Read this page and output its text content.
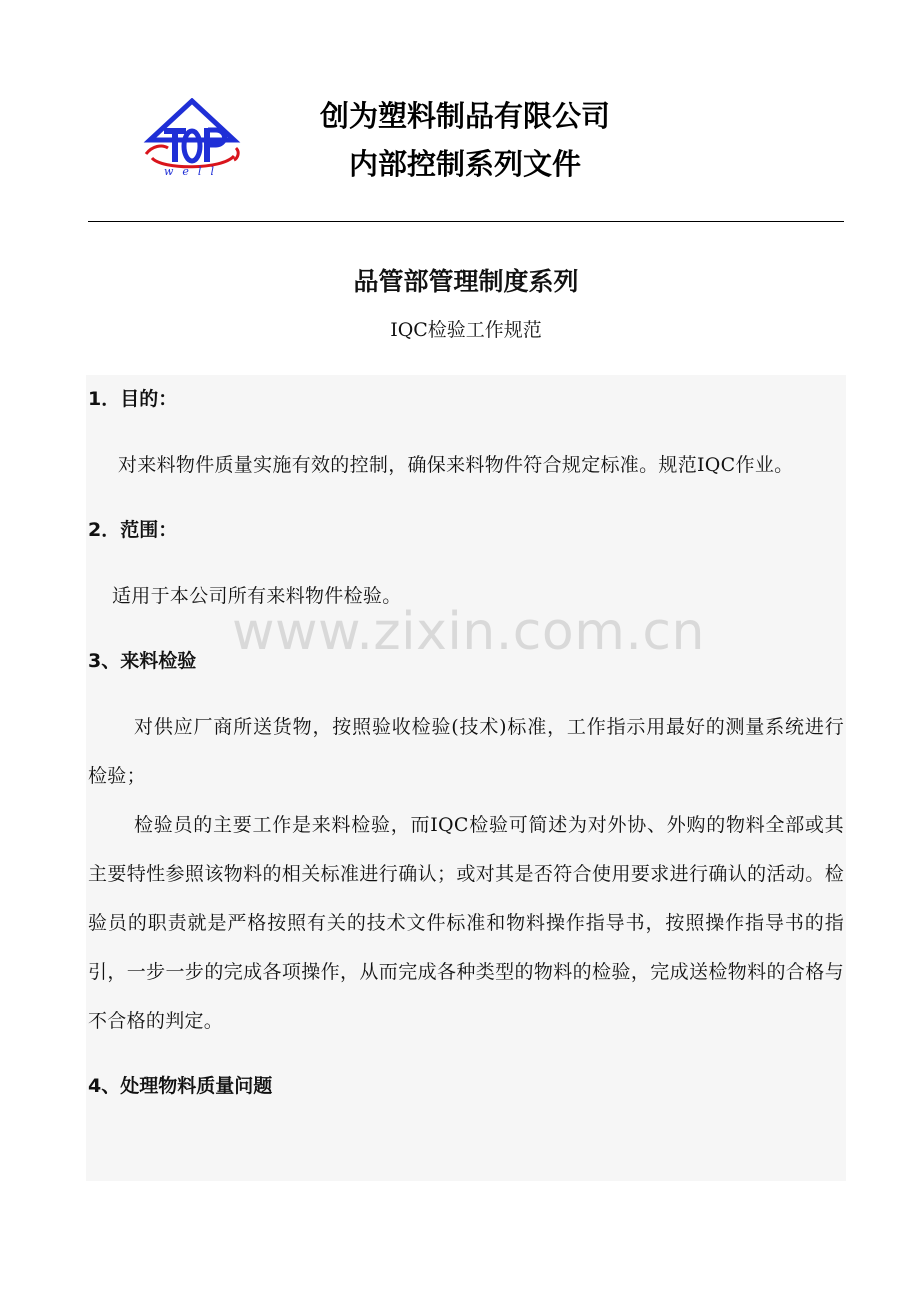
well
创为塑料制品有限公司
内部控制系列文件
品管部管理制度系列
IQC检验工作规范

1．目的：

对来料物件质量实施有效的控制，确保来料物件符合规定标准。规范IQC作业。

2．范围：

适用于本公司所有来料物件检验。

3、来料检验

对供应厂商所送货物，按照验收检验(技术)标准，工作指示用最好的测量系统进行检验；

检验员的主要工作是来料检验，而IQC检验可简述为对外协、外购的物料全部或其主要特性参照该物料的相关标准进行确认；或对其是否符合使用要求进行确认的活动。检验员的职责就是严格按照有关的技术文件标准和物料操作指导书，按照操作指导书的指引，一步一步的完成各项操作，从而完成各种类型的物料的检验，完成送检物料的合格与不合格的判定。

4、处理物料质量问题

www.zixin.com.cn
